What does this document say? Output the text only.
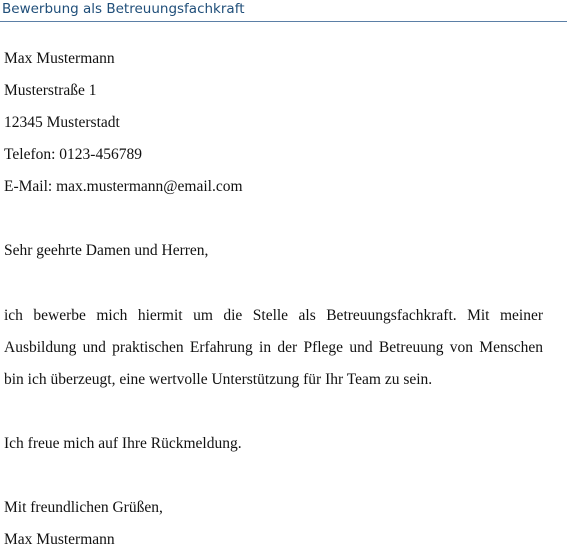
Bewerbung als Betreuungsfachkraft
Max Mustermann
Musterstraße 1
12345 Musterstadt
Telefon: 0123-456789
E-Mail: max.mustermann@email.com
Sehr geehrte Damen und Herren,
ich bewerbe mich hiermit um die Stelle als Betreuungsfachkraft. Mit meiner
Ausbildung und praktischen Erfahrung in der Pflege und Betreuung von Menschen
bin ich überzeugt, eine wertvolle Unterstützung für Ihr Team zu sein.
Ich freue mich auf Ihre Rückmeldung.
Mit freundlichen Grüßen,
Max Mustermann
